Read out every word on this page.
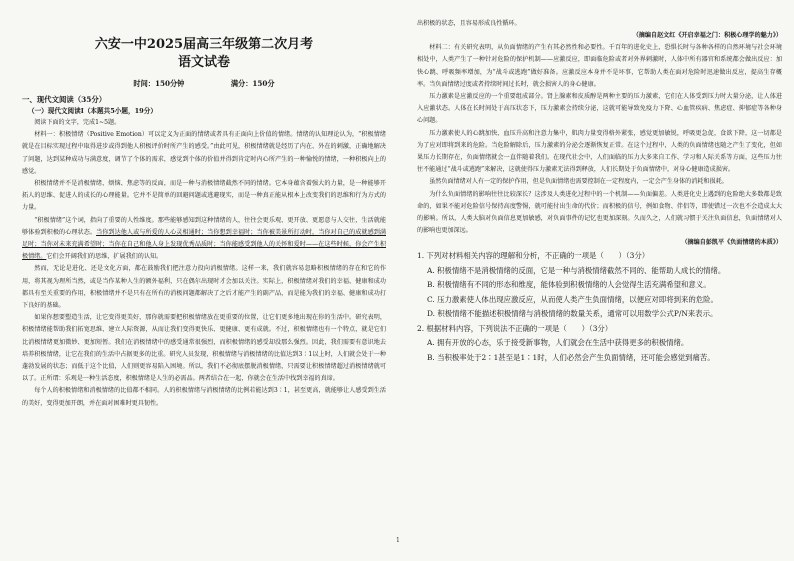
六安一中2025届高三年级第二次月考
语文试卷
时间：150分钟	满分：150分
一、现代文阅读（35分）
（一）现代文阅读Ⅰ（本题共5小题，19分）
阅读下面的文字，完成1~5题。

材料一：积极情绪（Positive Emotion）可以定义为正面的情绪或者具有正面向上价值的情绪。情绪的认知理论认为，“积极情绪就是在目标实现过程中取得进步或得到他人积极评价时所产生的感受。”由此可见，积极情绪就是经历了内在、外在的刺激，正确地解决了问题，达到某种成功与满意度，调节了个体的需求，感觉到个体的价值并得到肯定时内心所产生的一种愉悦的情绪，一种积极向上的感觉。

积极情绪并不是消极情绪、烦恼、焦虑等的反面，而是一种与消极情绪截然不同的情绪。它本身蕴含着强大的力量，是一种能够开拓人的思维、促进人的成长的心理能量。它并不是简单的回避问题或逃避现实，而是一种真正能从根本上改变我们的思维和行为方式的力量。

“积极情绪”这个词，指向了重要的人性维度。那些能够感知到这种情绪的人，往往会更乐观、更开放、更愿意与人交往，生活就能够体验到积极的心理状态。当你到达他人或与所爱的人心灵相通时；当你想到幸福时；当你被美景所打动时，当你对自己的成就感到满足时；当你对未来充满希望时；当你在自己和他人身上发现优秀品质时；当你能感受到他人的关怀和爱时——在这些时候，你会产生积极情绪。它们会开阔我们的思维，扩展我们的认知。

然而，无论是进化、还是文化方面，都在鼓励我们把注意力投向消极情绪。这样一来，我们就容易忽略积极情绪的存在和它的作用，将其视为理所当然，或是当作某种人生的额外福利，只在偶尔出现时才会加以关注。实际上，积极情绪对我们的幸福、健康和成功都具有至关重要的作用，积极情绪并不是只有在所有的消极问题都解决了之后才能产生的副产品，而是能为我们的幸福、健康和成功打下良好的基础。

如果你想要塑造生活，让它变得更美好，那你就需要把积极情绪放在更重要的位置，让它们更多地出现在你的生活中。研究表明，积极情绪能帮助我们拓宽思维、建立人际资源，从而让我们变得更快乐、更健康、更有成就。不过，积极情绪也有一个特点，就是它们比消极情绪更加微妙、更加短暂。我们在消极情绪中的感受通常很强烈，而积极情绪的感受却没那么强烈。因此，我们需要有意识地去培养积极情绪，让它在我们的生活中占据更多的比重。研究人员发现，积极情绪与消极情绪的比值达到3∶1以上时，人们就会处于一种蓬勃发展的状态；而低于这个比值，人们则更容易陷入困境。所以，我们不必彻底摆脱消极情绪，只需要让积极情绪超过消极情绪就可以了。正所谓：乐观是一种生活态度，积极情绪是人生的必需品。两者结合在一起，你就会在生活中找到幸福的真谛。

每个人的积极情绪和消极情绪的比值都不相同。人的积极情绪与消极情绪的比例若能达到3∶1，甚至更高，就能够让人感受到生活的美好，变得更加开朗，并在面对困难时更具韧性。

出积极的状态，且容易形成良性循环。

（摘编自赵文红《开启幸福之门：积极心理学的魅力》）

材料二：有关研究表明，从负面情绪的产生有其必然性和必要性。千百年的进化史上，恐惧长时与各种各样的自然环境与社会环境相处中，人类产生了一种针对危险的保护机制——应激反应，即面临危险或者对外界刺激时，人体中所有器官和系统都会做出反应：加快心跳、呼吸频率增加，为“战斗或逃跑”做好准备。应激反应本身并不是坏事，它帮助人类在面对危险时迅速做出反应，提高生存概率。当负面情绪过度或者持续时间过长时，就会损害人的身心健康。

压力激素是应激反应的一个重要组成部分。肾上腺素和皮质醇是两种主要的压力激素，它们在人体受到压力时大量分泌，让人体进入应激状态。人体在长时间处于高压状态下，压力激素会持续分泌，这就可能导致免疫力下降、心血管疾病、焦虑症、抑郁症等各种身心问题。

压力激素使人的心跳加快、血压升高和注意力集中，肌肉力量变得格外紧张，感觉更加敏锐，呼吸更急促，食欲下降，这一切都是为了应对即将到来的危险。当危险解除后，压力激素的分泌会逐渐恢复正常。在这个过程中，人类的负面情绪也随之产生了变化，但如果压力长期存在，负面情绪就会一直伴随着我们。在现代社会中，人们面临的压力大多来自工作、学习和人际关系等方面，这些压力往往不能通过“战斗或逃跑”来解决，这就使得压力激素无法得到释放，人们长期处于负面情绪中，对身心健康造成损害。

虽然负面情绪对人有一定的保护作用，但是负面情绪也需要控制在一定程度内，一定会产生身体的消耗和损耗。

为什么负面情绪的影响往往比较深长？这涉及人类进化过程中的一个机制——负面偏差。人类进化史上遇到的危险绝大多数都是致命的，如果不能对危险信号保持高度警惕，就可能付出生命的代价；而积极的信号，例如食物、伴侣等，即使错过一次也不会造成太大的影响。所以，人类大脑对负面信息更加敏感，对负面事件的记忆也更加深刻。久而久之，人们就习惯于关注负面信息，负面情绪对人的影响也更加深远。

（摘编自彭凯平《负面情绪的本质》）
1. 下列对材料相关内容的理解和分析，不正确的一项是（　　）（3分）
A. 积极情绪不是消极情绪的反面，它是一种与消极情绪截然不同的、能帮助人成长的情绪。
B. 积极情绪有不同的形态和维度，能体验到积极情绪的人会觉得生活充满希望和意义。
C. 压力激素使人体出现应激反应，从而使人类产生负面情绪，以便应对即将到来的危险。
D. 积极情绪不能描述积极情绪与消极情绪的数量关系，通常可以用数学公式P/N来表示。
2. 根据材料内容，下列说法不正确的一项是（　　）（3分）
A. 拥有开放的心态，乐于接受新事物，人们就会在生活中获得更多的积极情绪。
B. 当积极率处于2∶1甚至是1∶1时，人们必然会产生负面情绪，还可能会感觉到痛苦。
1
